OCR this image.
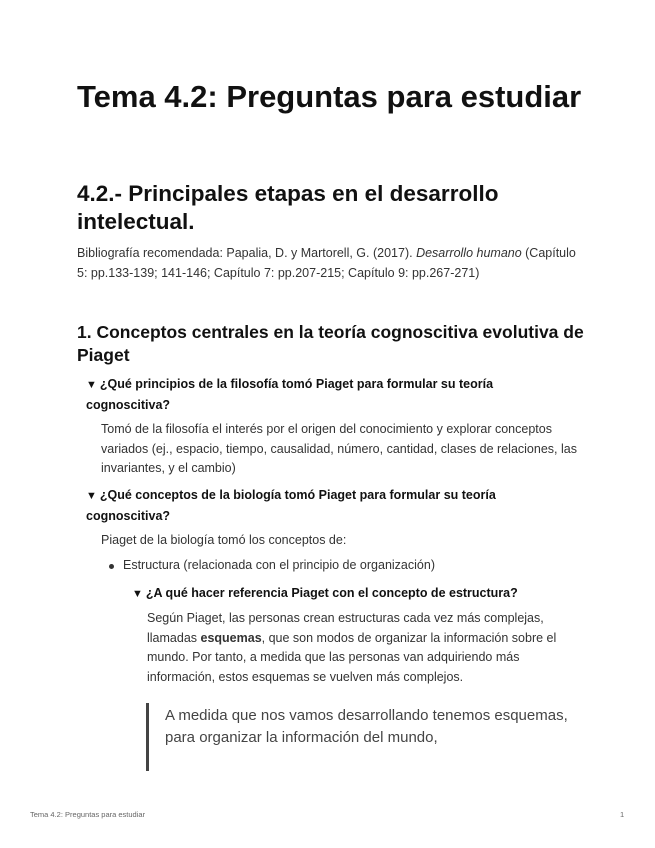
Tema 4.2: Preguntas para estudiar
4.2.- Principales etapas en el desarrollo intelectual.

Bibliografía recomendada: Papalia, D. y Martorell, G. (2017). Desarrollo humano (Capítulo 5: pp.133-139; 141-146; Capítulo 7: pp.207-215; Capítulo 9: pp.267-271)

1. Conceptos centrales en la teoría cognoscitiva evolutiva de Piaget

▼ ¿Qué principios de la filosofía tomó Piaget para formular su teoría cognoscitiva?

Tomó de la filosofía el interés por el origen del conocimiento y explorar conceptos variados (ej., espacio, tiempo, causalidad, número, cantidad, clases de relaciones, las invariantes, y el cambio)

▼ ¿Qué conceptos de la biología tomó Piaget para formular su teoría cognoscitiva?

Piaget de la biología tomó los conceptos de:

Estructura (relacionada con el principio de organización)

▼ ¿A qué hacer referencia Piaget con el concepto de estructura?

Según Piaget, las personas crean estructuras cada vez más complejas, llamadas esquemas, que son modos de organizar la información sobre el mundo. Por tanto, a medida que las personas van adquiriendo más información, estos esquemas se vuelven más complejos.

A medida que nos vamos desarrollando tenemos esquemas, para organizar la información del mundo,

Tema 4.2: Preguntas para estudiar	1
